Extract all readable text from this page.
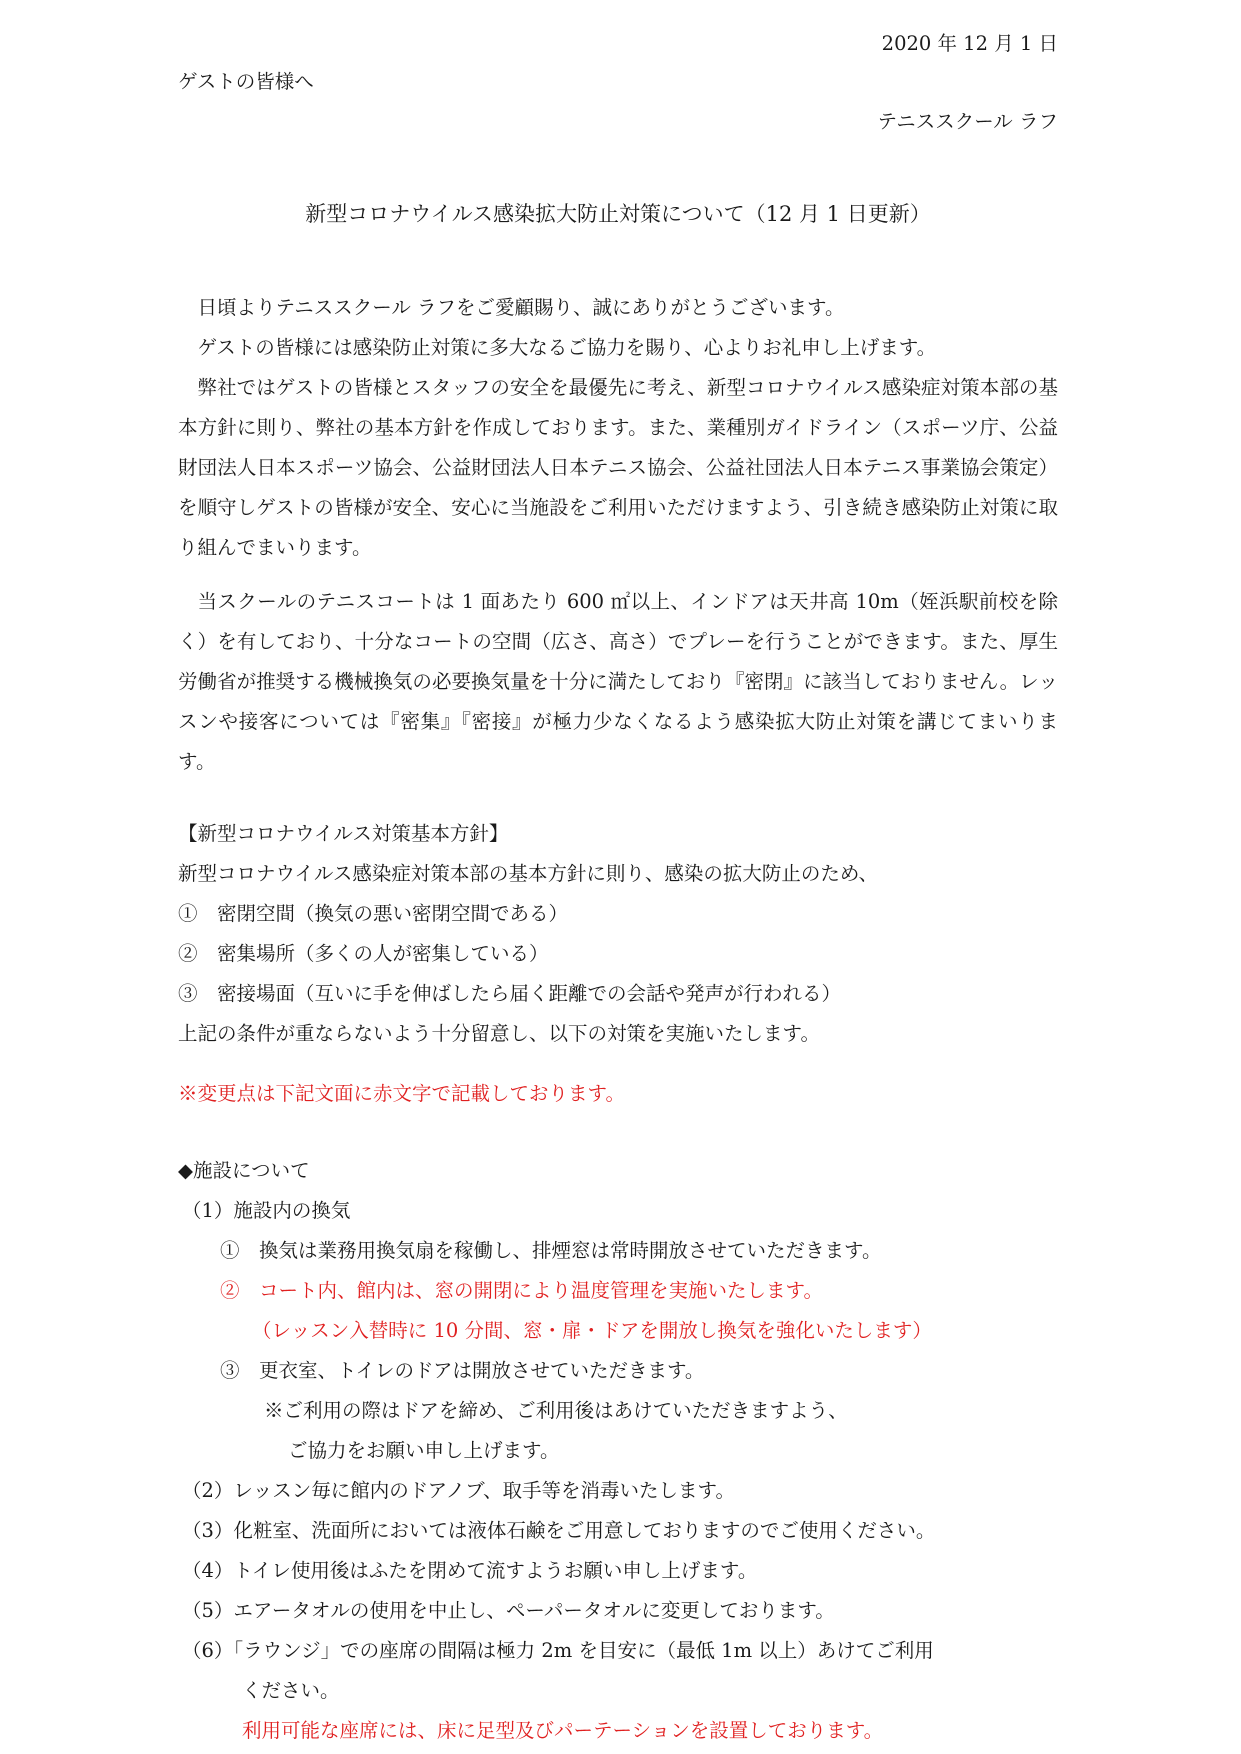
2020 年 12 月 1 日
ゲストの皆様へ
テニススクール ラフ
新型コロナウイルス感染拡大防止対策について（12 月 1 日更新）

日頃よりテニススクール ラフをご愛顧賜り、誠にありがとうございます。

ゲストの皆様には感染防止対策に多大なるご協力を賜り、心よりお礼申し上げます。

弊社ではゲストの皆様とスタッフの安全を最優先に考え、新型コロナウイルス感染症対策本部の基本方針に則り、弊社の基本方針を作成しております。また、業種別ガイドライン（スポーツ庁、公益財団法人日本スポーツ協会、公益財団法人日本テニス協会、公益社団法人日本テニス事業協会策定）を順守しゲストの皆様が安全、安心に当施設をご利用いただけますよう、引き続き感染防止対策に取り組んでまいります。

当スクールのテニスコートは 1 面あたり 600 ㎡以上、インドアは天井高 10m（姪浜駅前校を除く）を有しており、十分なコートの空間（広さ、高さ）でプレーを行うことができます。また、厚生労働省が推奨する機械換気の必要換気量を十分に満たしており『密閉』に該当しておりません。レッスンや接客については『密集』『密接』が極力少なくなるよう感染拡大防止対策を講じてまいります。

【新型コロナウイルス対策基本方針】

新型コロナウイルス感染症対策本部の基本方針に則り、感染の拡大防止のため、

①　密閉空間（換気の悪い密閉空間である）

②　密集場所（多くの人が密集している）

③　密接場面（互いに手を伸ばしたら届く距離での会話や発声が行われる）

上記の条件が重ならないよう十分留意し、以下の対策を実施いたします。

※変更点は下記文面に赤文字で記載しております。
◆施設について
（1）施設内の換気
①　換気は業務用換気扇を稼働し、排煙窓は常時開放させていただきます。
②　コート内、館内は、窓の開閉により温度管理を実施いたします。
（レッスン入替時に 10 分間、窓・扉・ドアを開放し換気を強化いたします）
③　更衣室、トイレのドアは開放させていただきます。
※ご利用の際はドアを締め、ご利用後はあけていただきますよう、
ご協力をお願い申し上げます。
（2）レッスン毎に館内のドアノブ、取手等を消毒いたします。
（3）化粧室、洗面所においては液体石鹸をご用意しておりますのでご使用ください。
（4）トイレ使用後はふたを閉めて流すようお願い申し上げます。
（5）エアータオルの使用を中止し、ペーパータオルに変更しております。
（6）「ラウンジ」での座席の間隔は極力 2m を目安に（最低 1m 以上）あけてご利用
ください。
利用可能な座席には、床に足型及びパーテーションを設置しております。
